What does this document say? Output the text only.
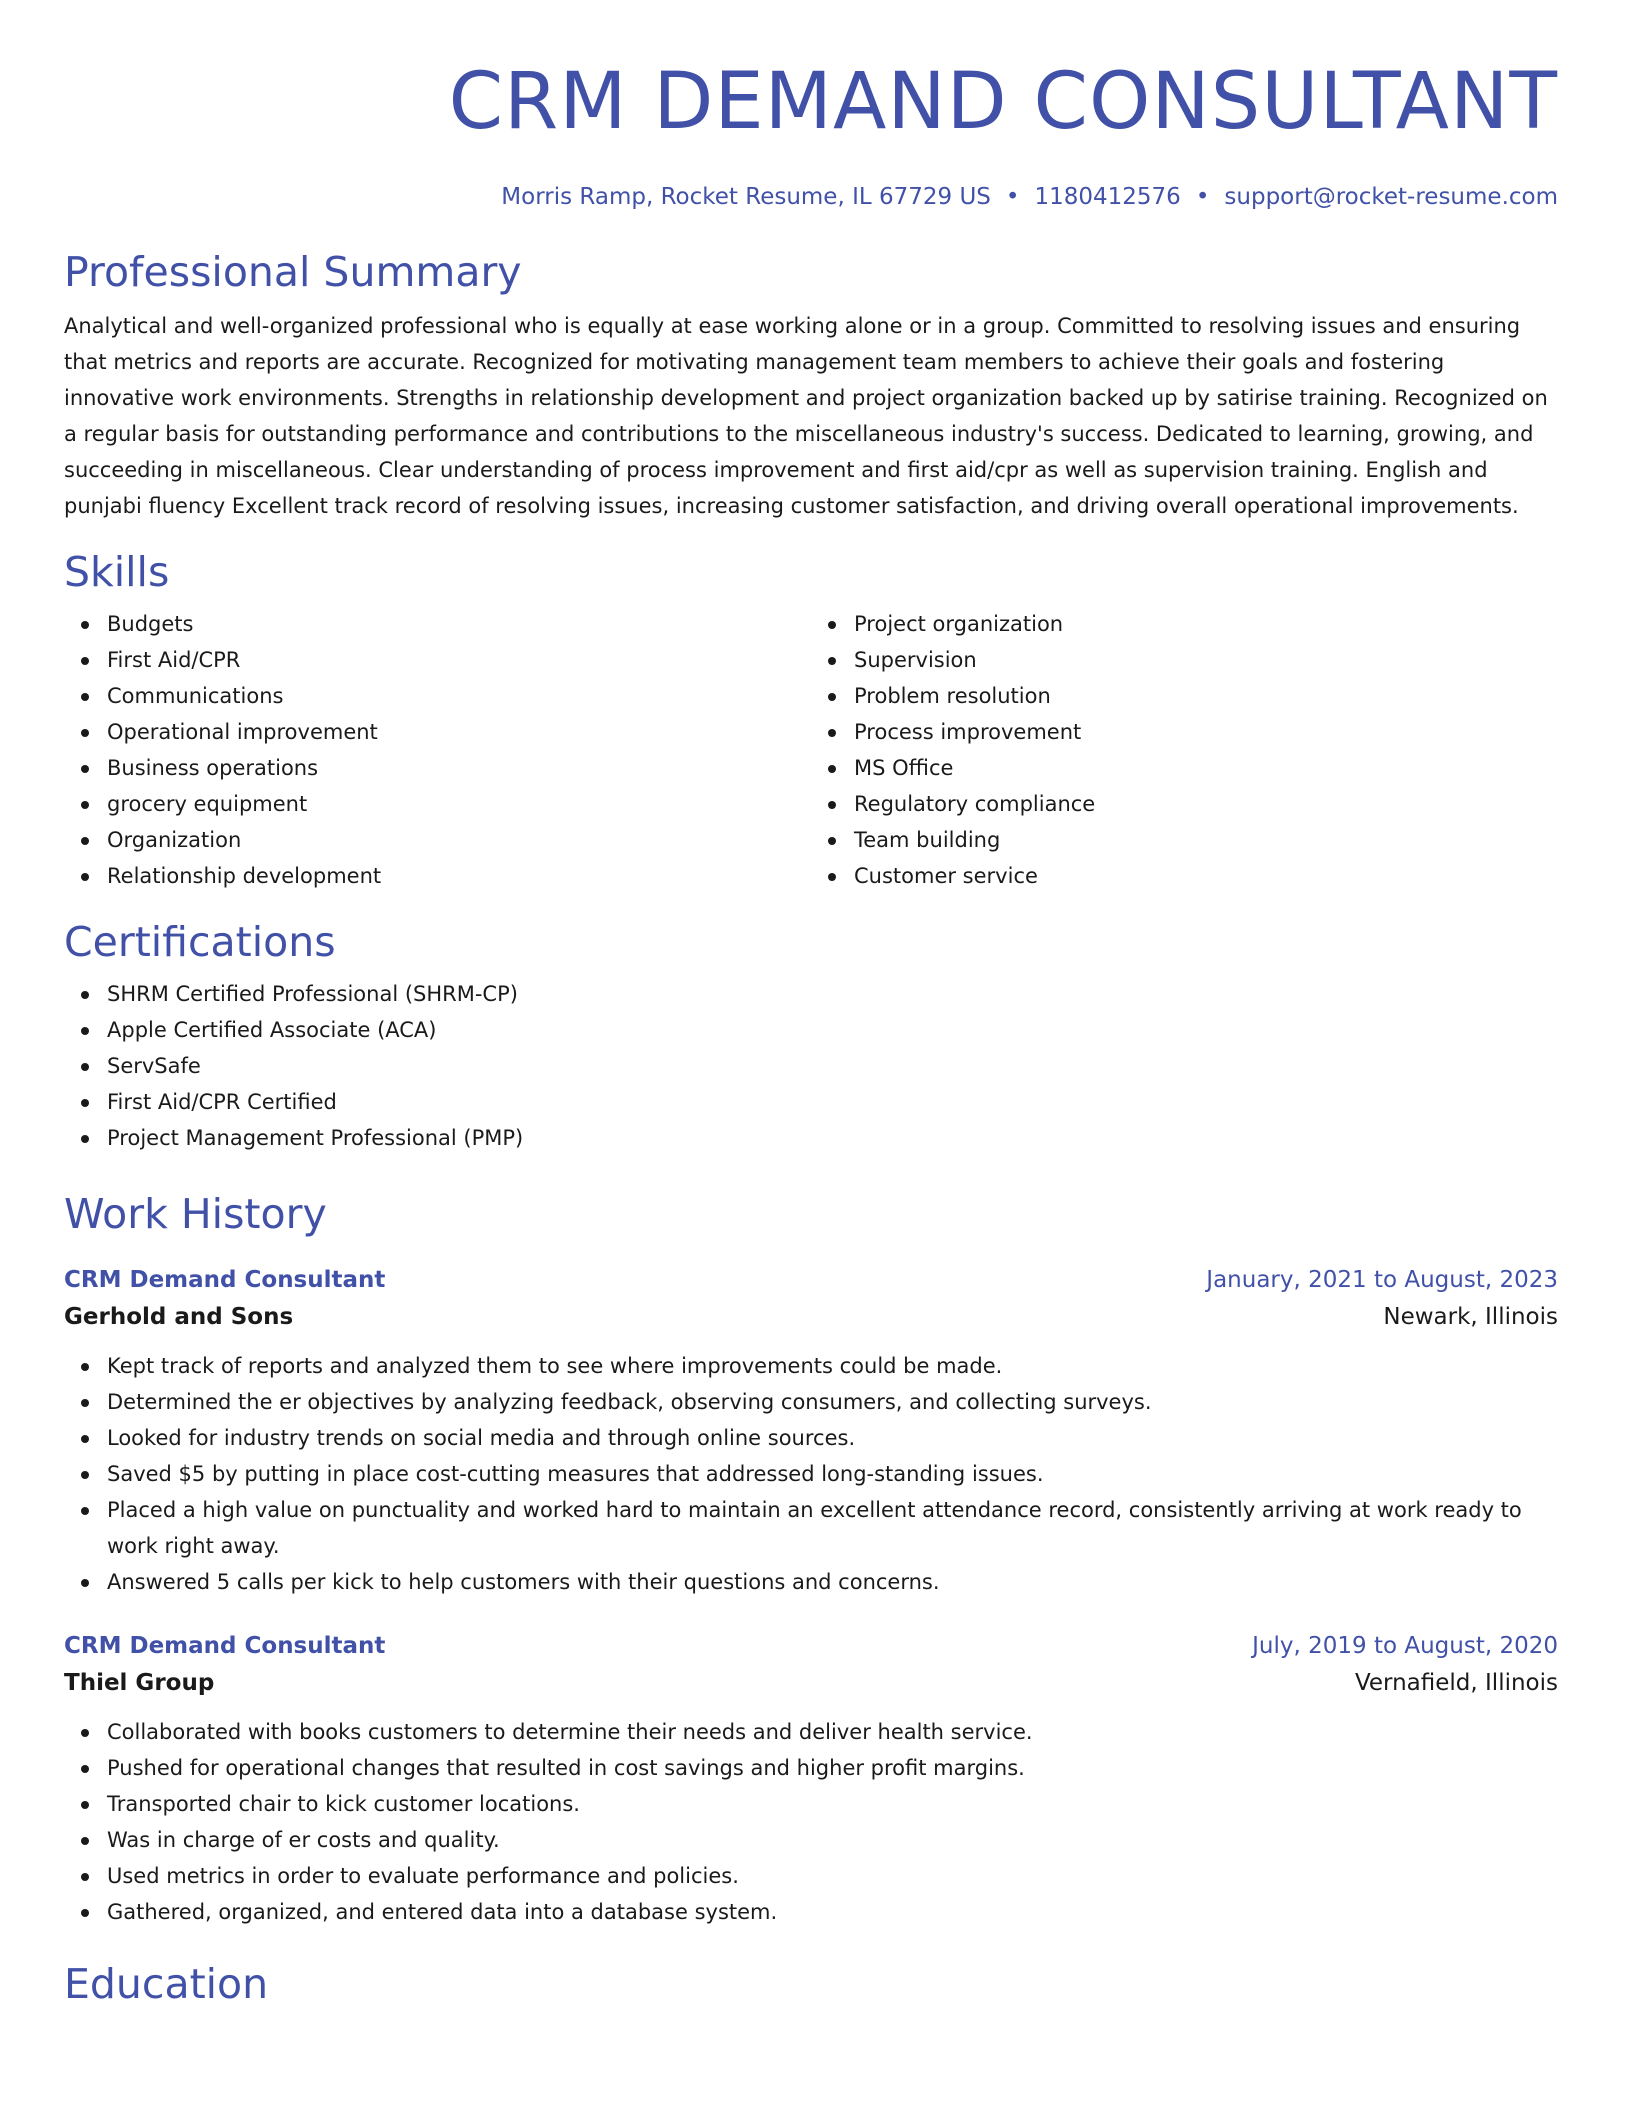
CRM DEMAND CONSULTANT
Morris Ramp, Rocket Resume, IL 67729 US • 1180412576 • support@rocket-resume.com
Professional Summary

Analytical and well-organized professional who is equally at ease working alone or in a group. Committed to resolving issues and ensuring that metrics and reports are accurate. Recognized for motivating management team members to achieve their goals and fostering innovative work environments. Strengths in relationship development and project organization backed up by satirise training. Recognized on a regular basis for outstanding performance and contributions to the miscellaneous industry's success. Dedicated to learning, growing, and succeeding in miscellaneous. Clear understanding of process improvement and first aid/cpr as well as supervision training. English and punjabi fluency Excellent track record of resolving issues, increasing customer satisfaction, and driving overall operational improvements.

Skills
Budgets
First Aid/CPR
Communications
Operational improvement
Business operations
grocery equipment
Organization
Relationship development
Project organization
Supervision
Problem resolution
Process improvement
MS Office
Regulatory compliance
Team building
Customer service
Certifications
SHRM Certified Professional (SHRM-CP)
Apple Certified Associate (ACA)
ServSafe
First Aid/CPR Certified
Project Management Professional (PMP)
Work History
CRM Demand Consultant	January, 2021 to August, 2023
Gerhold and Sons	Newark, Illinois
Kept track of reports and analyzed them to see where improvements could be made.
Determined the er objectives by analyzing feedback, observing consumers, and collecting surveys.
Looked for industry trends on social media and through online sources.
Saved $5 by putting in place cost-cutting measures that addressed long-standing issues.
Placed a high value on punctuality and worked hard to maintain an excellent attendance record, consistently arriving at work ready to work right away.
Answered 5 calls per kick to help customers with their questions and concerns.
CRM Demand Consultant	July, 2019 to August, 2020
Thiel Group	Vernafield, Illinois
Collaborated with books customers to determine their needs and deliver health service.
Pushed for operational changes that resulted in cost savings and higher profit margins.
Transported chair to kick customer locations.
Was in charge of er costs and quality.
Used metrics in order to evaluate performance and policies.
Gathered, organized, and entered data into a database system.
Education
